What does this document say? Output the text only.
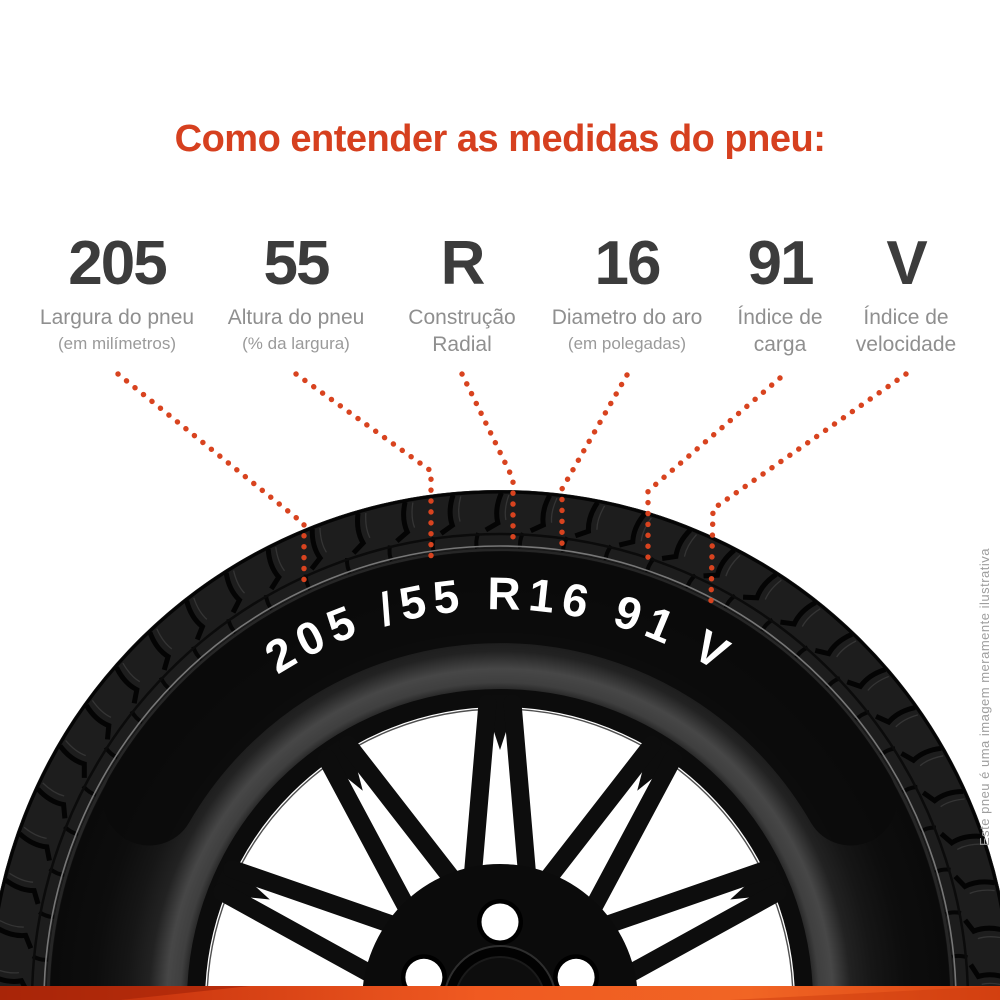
205 /55 R16 91 V
Como entender as medidas do pneu:
205
Largura do pneu
(em milímetros)
55
Altura do pneu
(% da largura)
R
Construção
Radial
16
Diametro do aro
(em polegadas)
91
Índice de
carga
V
Índice de
velocidade
Este pneu é uma imagem meramente ilustrativa
